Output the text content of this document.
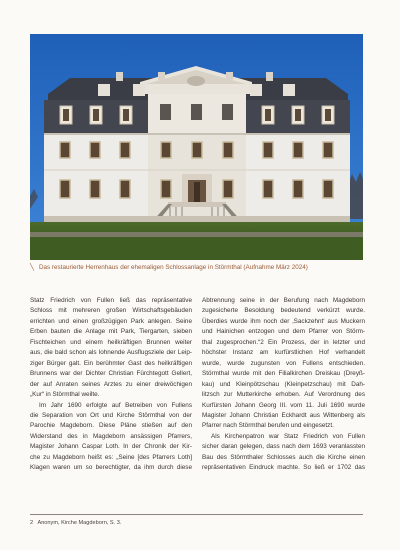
╲ Das restaurierte Herrenhaus der ehemaligen Schlossanlage in Störmthal (Aufnahme März 2024)
Statz Friedrich von Fullen ließ das repräsentative
Schloss mit mehreren großen Wirtschaftsgebäuden
errichten und einen großzügigen Park anlegen. Seine
Erben bauten die Anlage mit Park, Tiergarten, sieben
Fischteichen und einem heilkräftigen Brunnen weiter
aus, die bald schon als lohnende Ausflugsziele der Leip-
ziger Bürger galt. Ein berühmter Gast des heilkräftigen
Brunnens war der Dichter Christian Fürchtegott Gellert,
der auf Anraten seines Arztes zu einer dreiwöchigen
„Kur“ in Störmthal weilte.
Im Jahr 1690 erfolgte auf Betreiben von Fullens
die Separation von Ort und Kirche Störmthal von der
Parochie Magdeborn. Diese Pläne stießen auf den
Widerstand des in Magdeborn ansässigen Pfarrers,
Magister Johann Caspar Loth. In der Chronik der Kir-
che zu Magdeborn heißt es: „Seine [des Pfarrers Loth]
Klagen waren um so berechtigter, da ihm durch diese
Abtrennung seine in der Berufung nach Magdeborn
zugesicherte Besoldung bedeutend verkürzt wurde.
Überdies wurde ihm noch der ‚Sackzehnt‘ aus Muckern
und Hainichen entzogen und dem Pfarrer von Störm-
thal zugesprochen.“2 Ein Prozess, der in letzter und
höchster Instanz am kurfürstlichen Hof verhandelt
wurde, wurde zugunsten von Fullens entschieden.
Störmthal wurde mit den Filialkirchen Dreiskau (Dreyß-
kau) und Kleinpötzschau (Kleinpetzschau) mit Dah-
litzsch zur Mutterkirche erhoben. Auf Verordnung des
Kurfürsten Johann Georg III. vom 11. Juli 1690 wurde
Magister Johann Christian Eckhardt aus Wittenberg als
Pfarrer nach Störmthal berufen und eingesetzt.
Als Kirchenpatron war Statz Friedrich von Fullen
sicher daran gelegen, dass nach dem 1693 veranlassten
Bau des Störmthaler Schlosses auch die Kirche einen
repräsentativen Eindruck machte. So ließ er 1702 das
2   Anonym, Kirche Magdeborn, S. 3.
